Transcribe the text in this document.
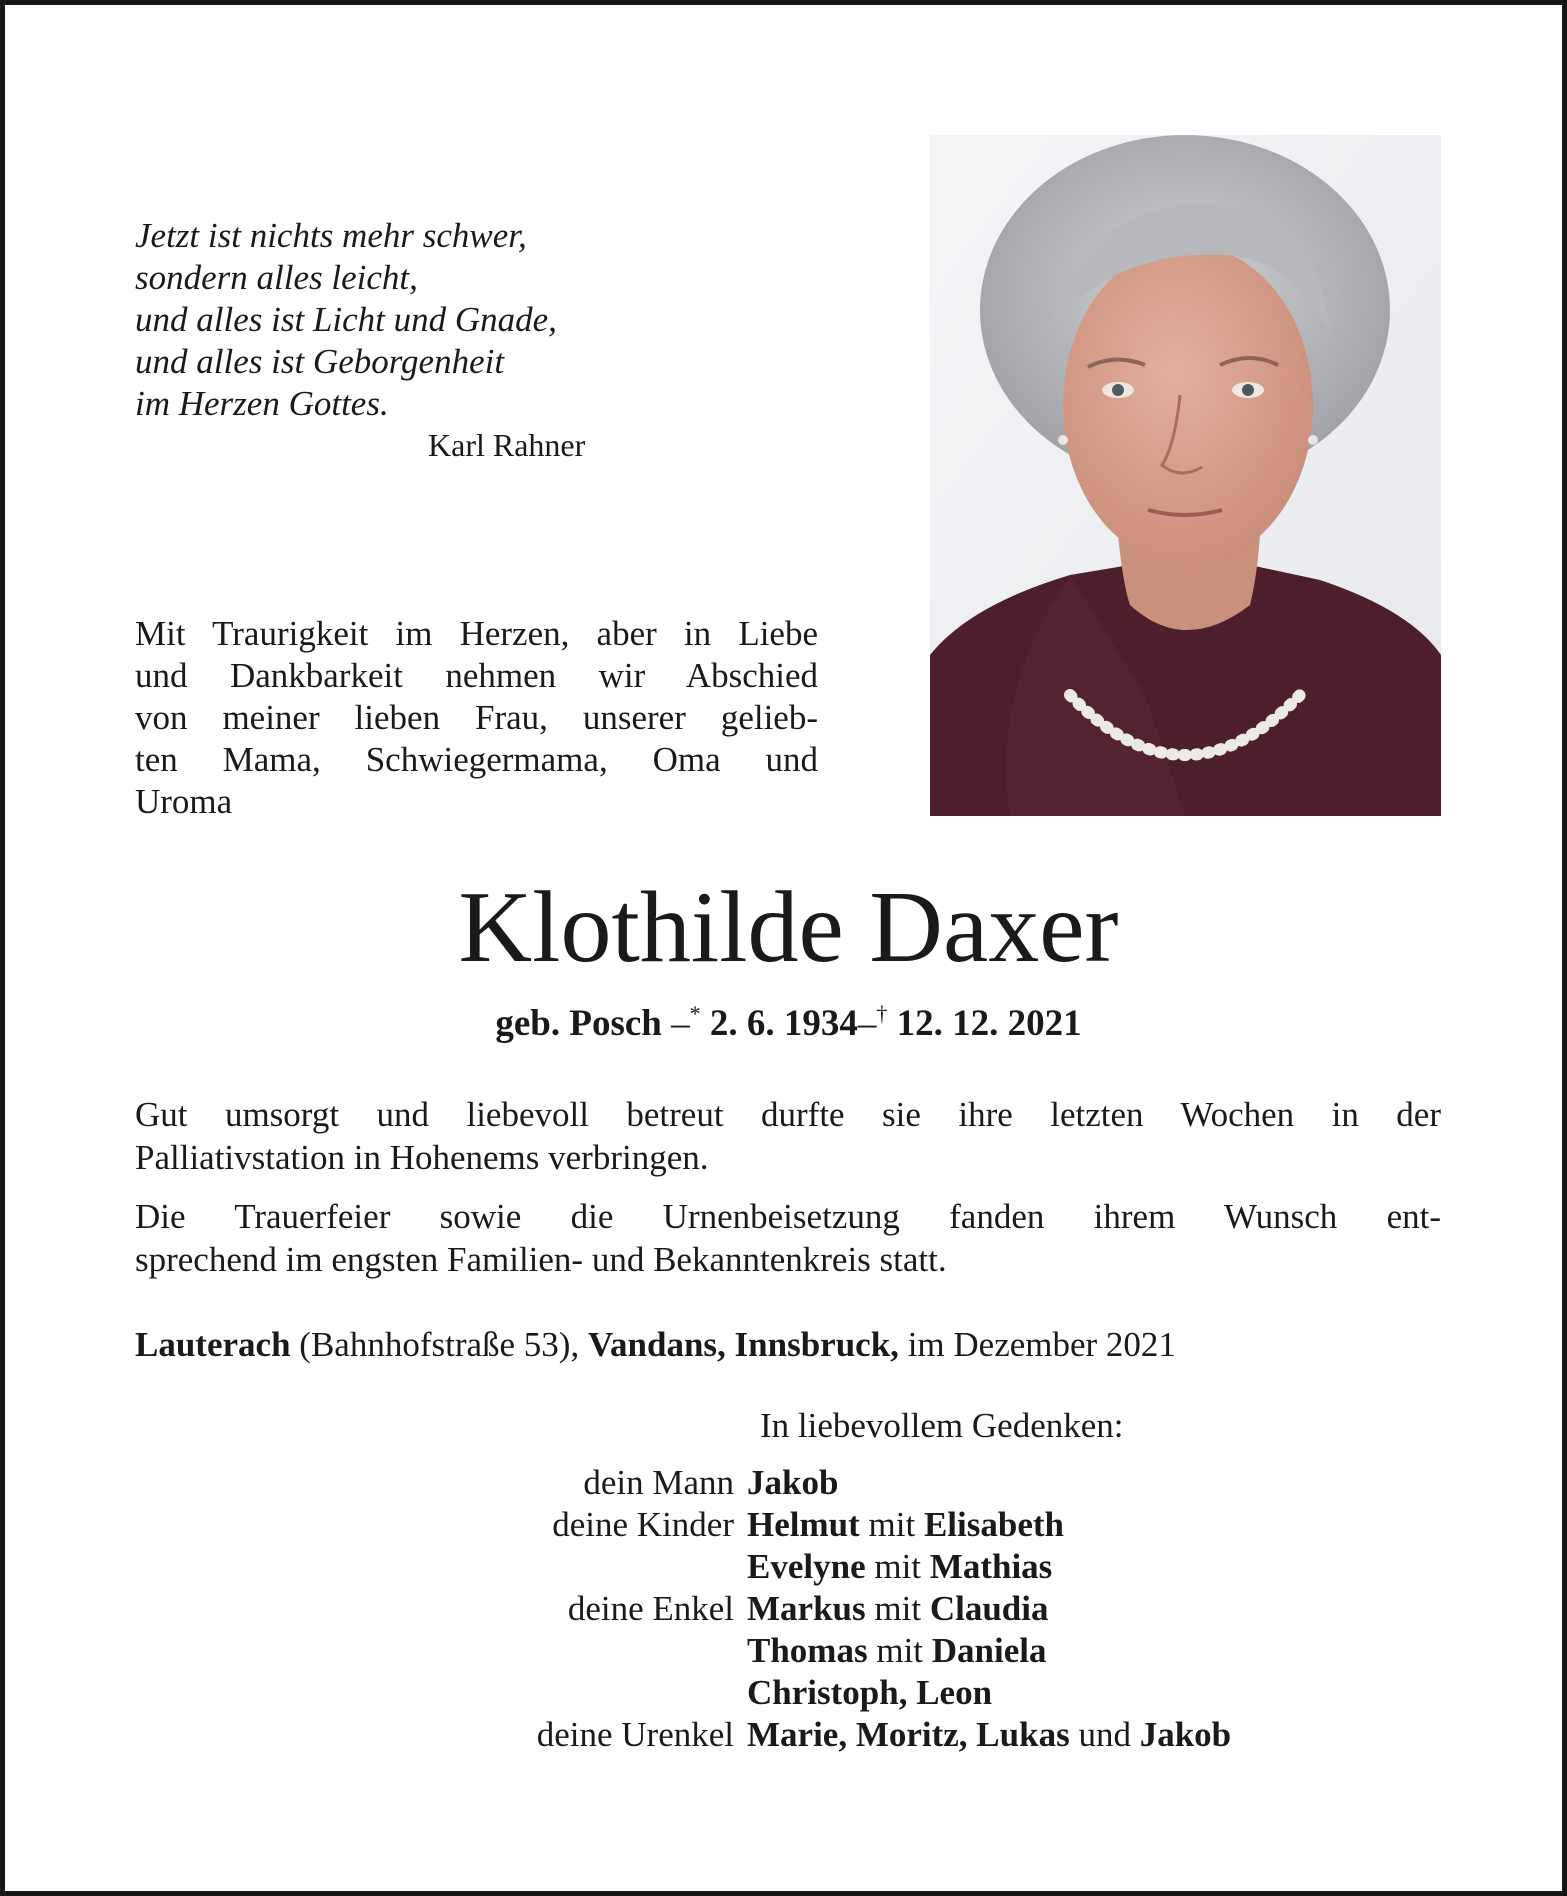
Jetzt ist nichts mehr schwer,
sondern alles leicht,
und alles ist Licht und Gnade,
und alles ist Geborgenheit
im Herzen Gottes.
Karl Rahner
Mit Traurigkeit im Herzen, aber in Liebe
und Dankbarkeit nehmen wir Abschied
von meiner lieben Frau, unserer gelieb-
ten Mama, Schwiegermama, Oma und
Uroma
Klothilde Daxer
geb. Posch –* 2. 6. 1934–† 12. 12. 2021
Gut umsorgt und liebevoll betreut durfte sie ihre letzten Wochen in der
Palliativstation in Hohenems verbringen.
Die Trauerfeier sowie die Urnenbeisetzung fanden ihrem Wunsch ent-
sprechend im engsten Familien- und Bekanntenkreis statt.
Lauterach (Bahnhofstraße 53), Vandans, Innsbruck, im Dezember 2021
In liebevollem Gedenken:
dein Mann Jakob
deine Kinder Helmut mit Elisabeth
Evelyne mit Mathias
deine Enkel Markus mit Claudia
Thomas mit Daniela
Christoph, Leon
deine Urenkel Marie, Moritz, Lukas und Jakob
